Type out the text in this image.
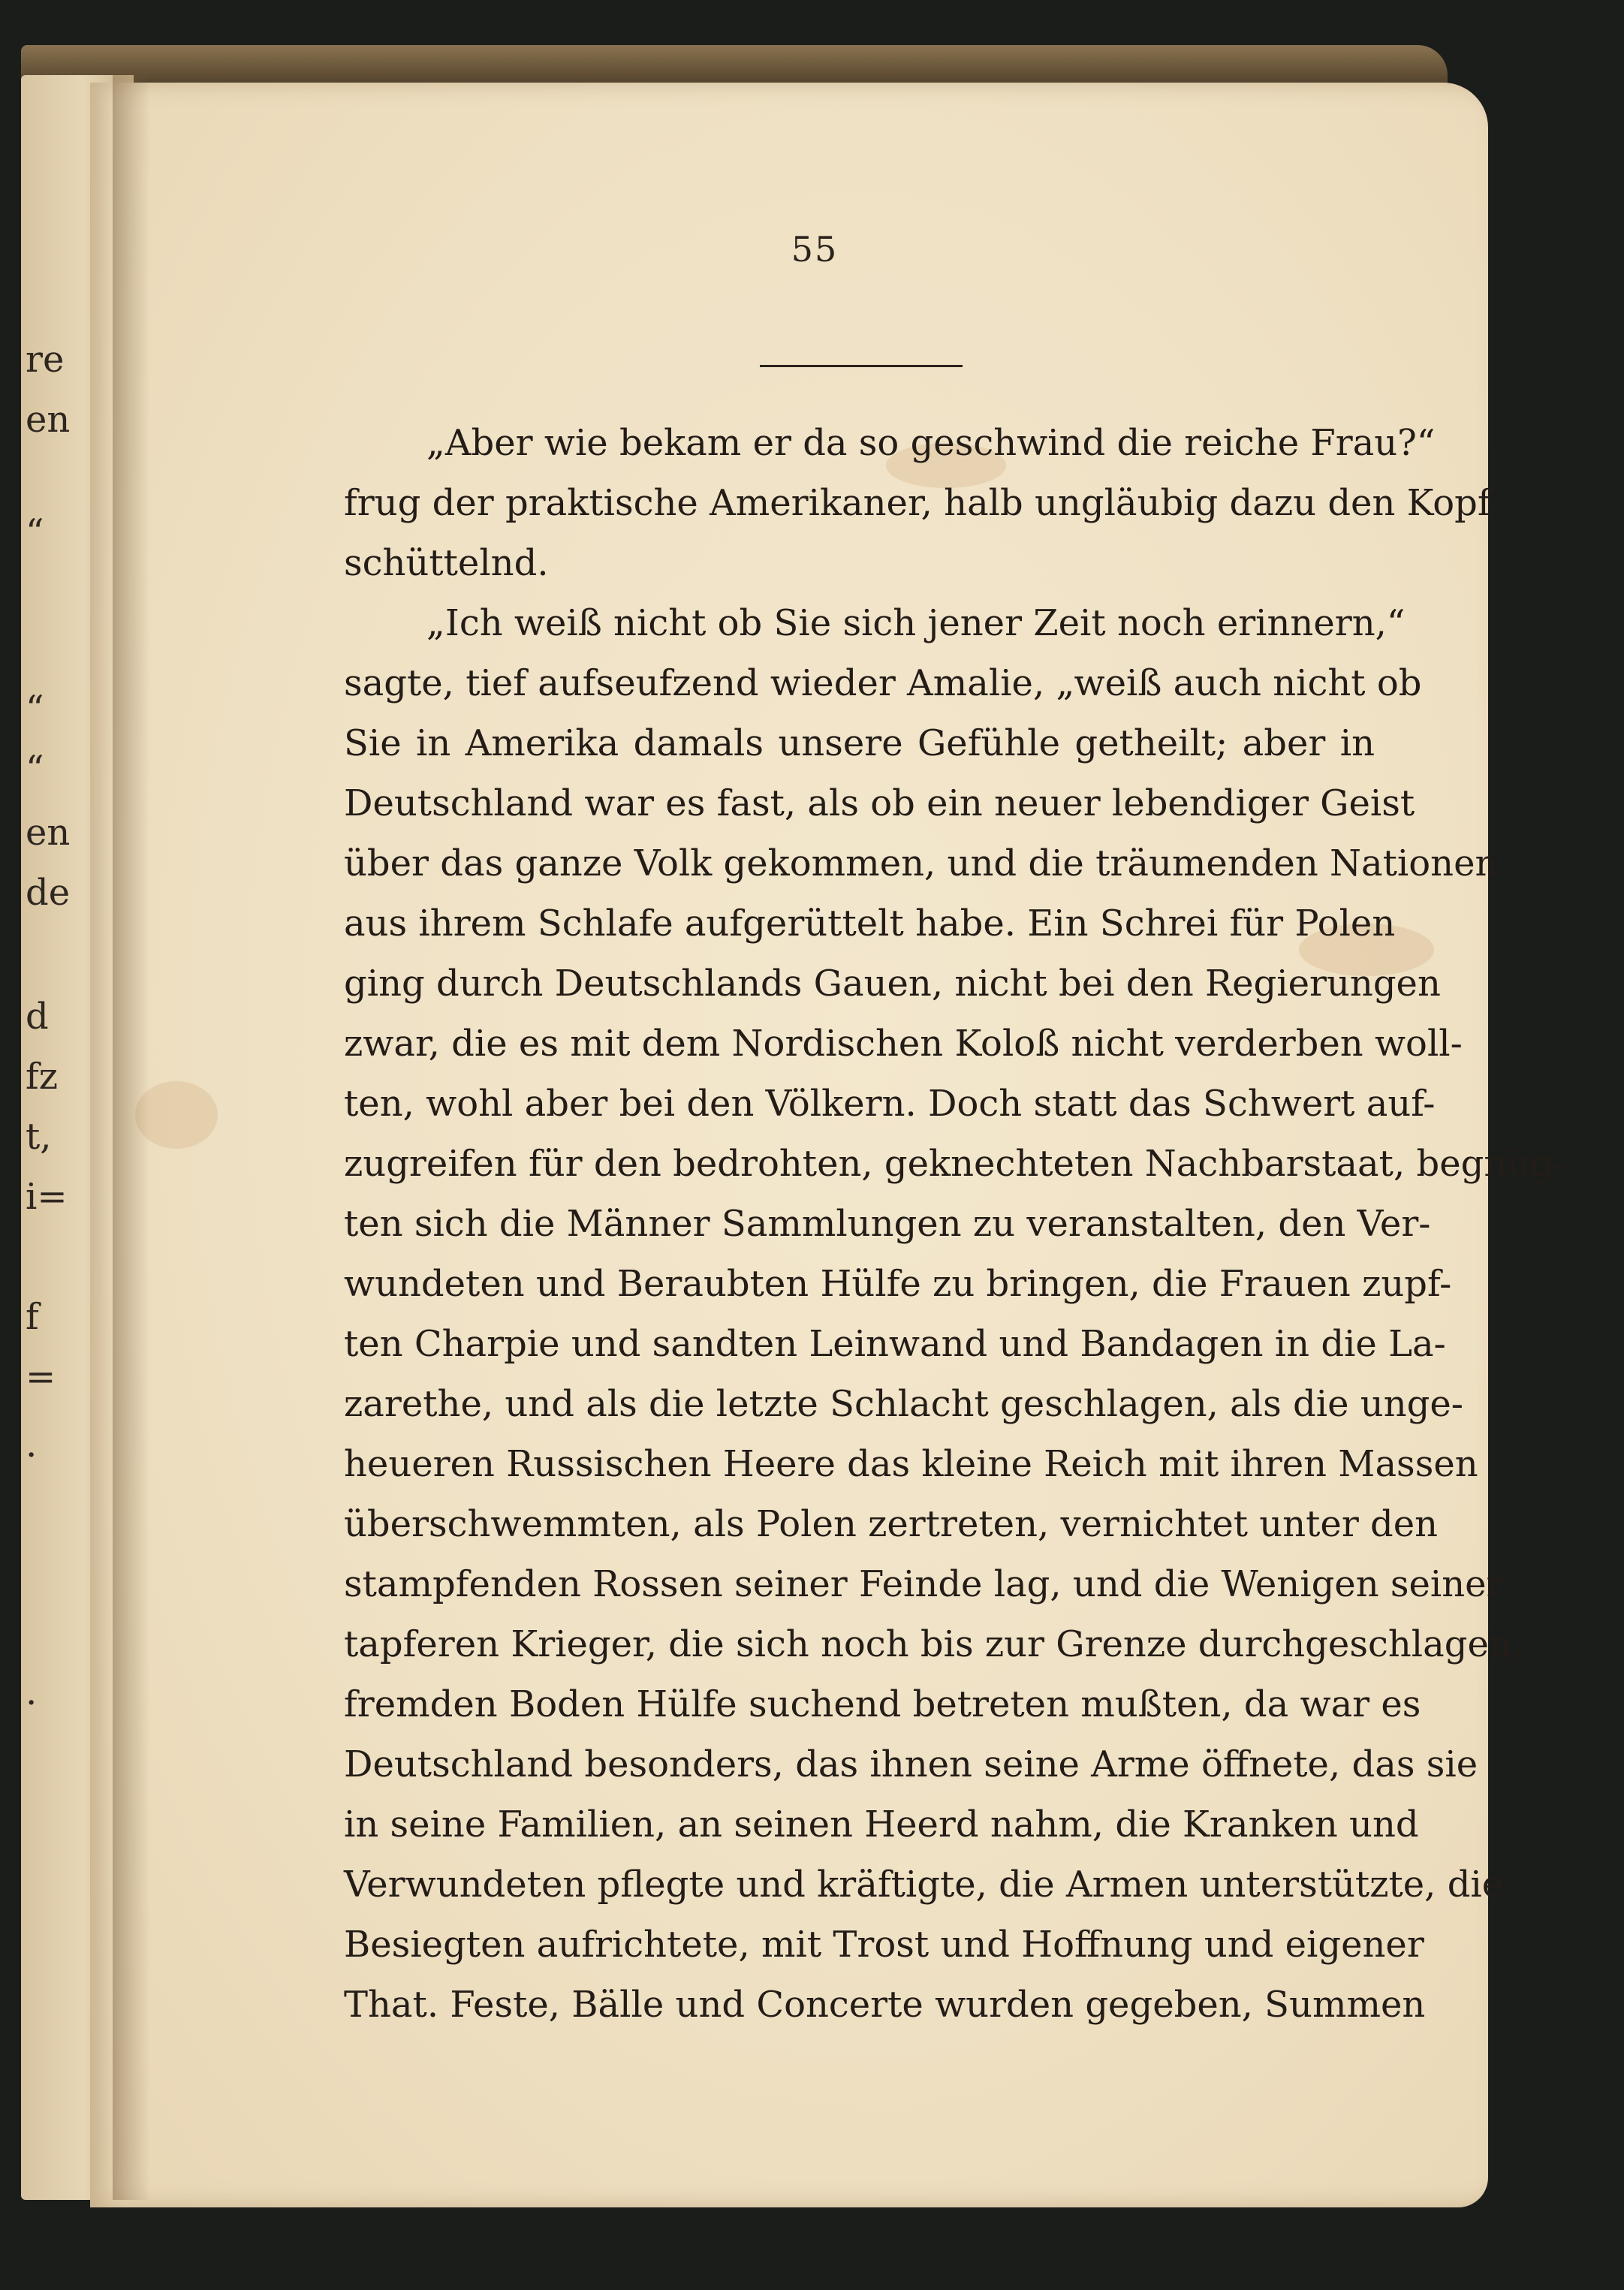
re
en
“
“
“
en
de
d
fz
t,
i=
f
=
.
.
55
„Aber wie bekam er da so geschwind die reiche Frau?“
frug der praktische Amerikaner, halb ungläubig dazu den Kopf
schüttelnd.
„Ich weiß nicht ob Sie sich jener Zeit noch erinnern,“
sagte, tief aufseufzend wieder Amalie, „weiß auch nicht ob
Sie in Amerika damals unsere Gefühle getheilt; aber in
Deutschland war es fast, als ob ein neuer lebendiger Geist
über das ganze Volk gekommen, und die träumenden Nationen
aus ihrem Schlafe aufgerüttelt habe. Ein Schrei für Polen
ging durch Deutschlands Gauen, nicht bei den Regierungen
zwar, die es mit dem Nordischen Koloß nicht verderben woll-
ten, wohl aber bei den Völkern. Doch statt das Schwert auf-
zugreifen für den bedrohten, geknechteten Nachbarstaat, begnüg-
ten sich die Männer Sammlungen zu veranstalten, den Ver-
wundeten und Beraubten Hülfe zu bringen, die Frauen zupf-
ten Charpie und sandten Leinwand und Bandagen in die La-
zarethe, und als die letzte Schlacht geschlagen, als die unge-
heueren Russischen Heere das kleine Reich mit ihren Massen
überschwemmten, als Polen zertreten, vernichtet unter den
stampfenden Rossen seiner Feinde lag, und die Wenigen seiner
tapferen Krieger, die sich noch bis zur Grenze durchgeschlagen,
fremden Boden Hülfe suchend betreten mußten, da war es
Deutschland besonders, das ihnen seine Arme öffnete, das sie
in seine Familien, an seinen Heerd nahm, die Kranken und
Verwundeten pflegte und kräftigte, die Armen unterstützte, die
Besiegten aufrichtete, mit Trost und Hoffnung und eigener
That. Feste, Bälle und Concerte wurden gegeben, Summen
